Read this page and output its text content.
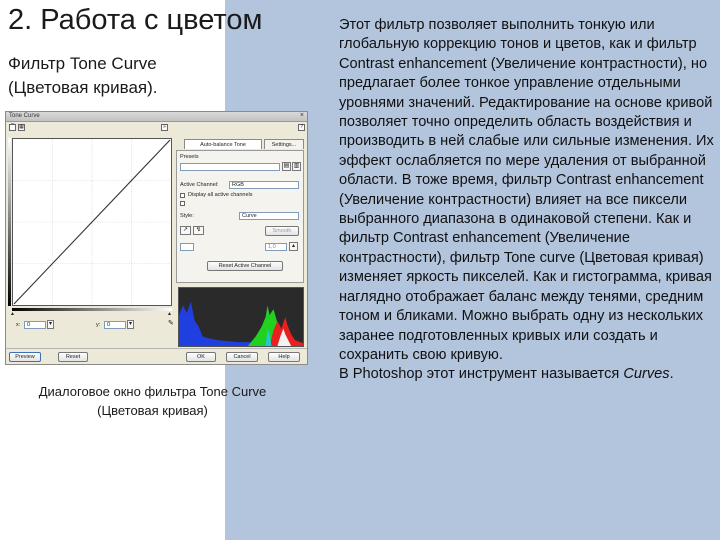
2. Работа с цветом
Фильтр Tone Curve
(Цветовая кривая).
Tone Curve	×
⌒ ▦	»	?
▲	▲
x:	0	▾	y:	0	▾	✎
Auto-balance Tone	Settings...
Presets
▤ ▥
Active Channel:	RGB
Display all active channels
Style:	Curve
↗	↯	Smooth
1,0	▴
Reset Active Channel
Preview	Reset	OK	Cancel	Help
Диалоговое окно фильтра Tone Curve
(Цветовая кривая)

Этот фильтр позволяет выполнить тонкую или глобальную коррекцию тонов и цветов, как и фильтр Contrast enhancement (Увеличение контрастности), но предлагает более тонкое управление отдельными уровнями значений. Редактирование на основе кривой позволяет точно определить область воздействия и производить в ней слабые или сильные изменения. Их эффект ослабляется по мере удаления от выбранной области. В тоже время, фильтр Contrast enhancement (Увеличение контрастности) влияет на все пиксели выбранного диапазона в одинаковой степени. Как и фильтр Contrast enhancement (Увеличение контрастности), фильтр Tone curve (Цветовая кривая) изменяет яркость пикселей. Как и гистограмма, кривая наглядно отображает баланс между тенями, средним тоном и бликами. Можно выбрать одну из нескольких заранее подготовленных кривых или создать и сохранить свою кривую.

В Photoshop этот инструмент называется Curves.
